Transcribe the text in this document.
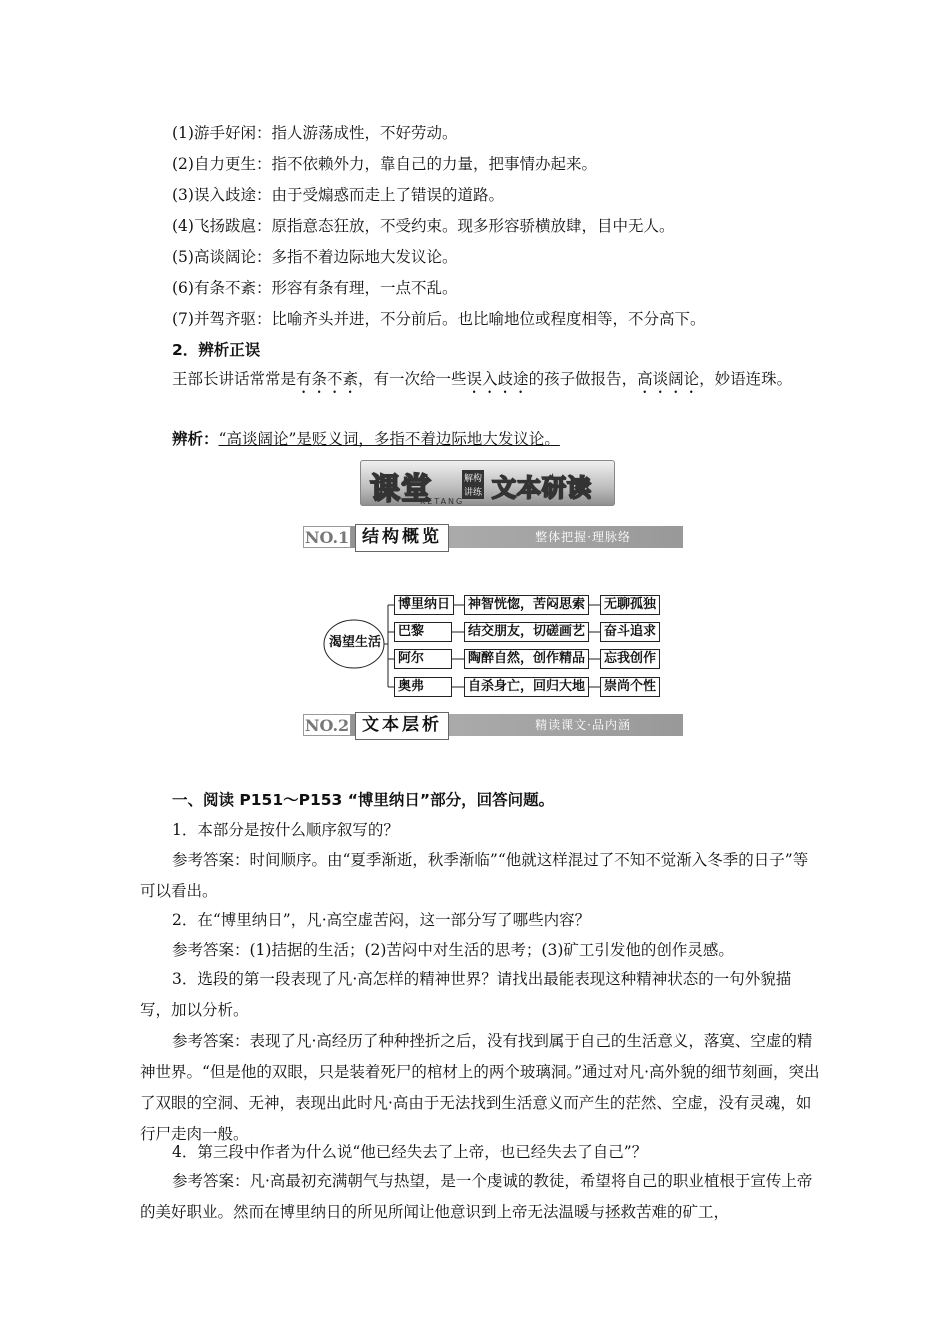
(1)游手好闲：指人游荡成性，不好劳动。
(2)自力更生：指不依赖外力，靠自己的力量，把事情办起来。
(3)误入歧途：由于受煽惑而走上了错误的道路。
(4)飞扬跋扈：原指意态狂放，不受约束。现多形容骄横放肆，目中无人。
(5)高谈阔论：多指不着边际地大发议论。
(6)有条不紊：形容有条有理，一点不乱。
(7)并驾齐驱：比喻齐头并进，不分前后。也比喻地位或程度相等，不分高下。
2．辨析正误
王部长讲话常常是有条不紊，有一次给一些误入歧途的孩子做报告，高谈阔论，妙语连珠。
辨析：“高谈阔论”是贬义词，多指不着边际地大发议论。
课堂	解构
讲练 文本研读
KETANG
NO.1 结构概览	整体把握·理脉络
渴望生活
博里纳日	神智恍惚，苦闷思索	无聊孤独
巴黎	结交朋友，切磋画艺	奋斗追求
阿尔	陶醉自然，创作精品	忘我创作
奥弗	自杀身亡，回归大地	崇尚个性
NO.2 文本层析	精读课文·品内涵
一、阅读 P151～P153 “博里纳日”部分，回答问题。
1．本部分是按什么顺序叙写的？
参考答案：时间顺序。由“夏季渐逝，秋季渐临”“他就这样混过了不知不觉渐入冬季的日子”等可以看出。
2．在“博里纳日”，凡·高空虚苦闷，这一部分写了哪些内容？
参考答案：(1)拮据的生活；(2)苦闷中对生活的思考；(3)矿工引发他的创作灵感。
3．选段的第一段表现了凡·高怎样的精神世界？请找出最能表现这种精神状态的一句外貌描写，加以分析。
参考答案：表现了凡·高经历了种种挫折之后，没有找到属于自己的生活意义，落寞、空虚的精神世界。“但是他的双眼，只是装着死尸的棺材上的两个玻璃洞。”通过对凡·高外貌的细节刻画，突出了双眼的空洞、无神，表现出此时凡·高由于无法找到生活意义而产生的茫然、空虚，没有灵魂，如行尸走肉一般。
4．第三段中作者为什么说“他已经失去了上帝，也已经失去了自己”？
参考答案：凡·高最初充满朝气与热望，是一个虔诚的教徒，希望将自己的职业植根于宣传上帝的美好职业。然而在博里纳日的所见所闻让他意识到上帝无法温暖与拯救苦难的矿工，
